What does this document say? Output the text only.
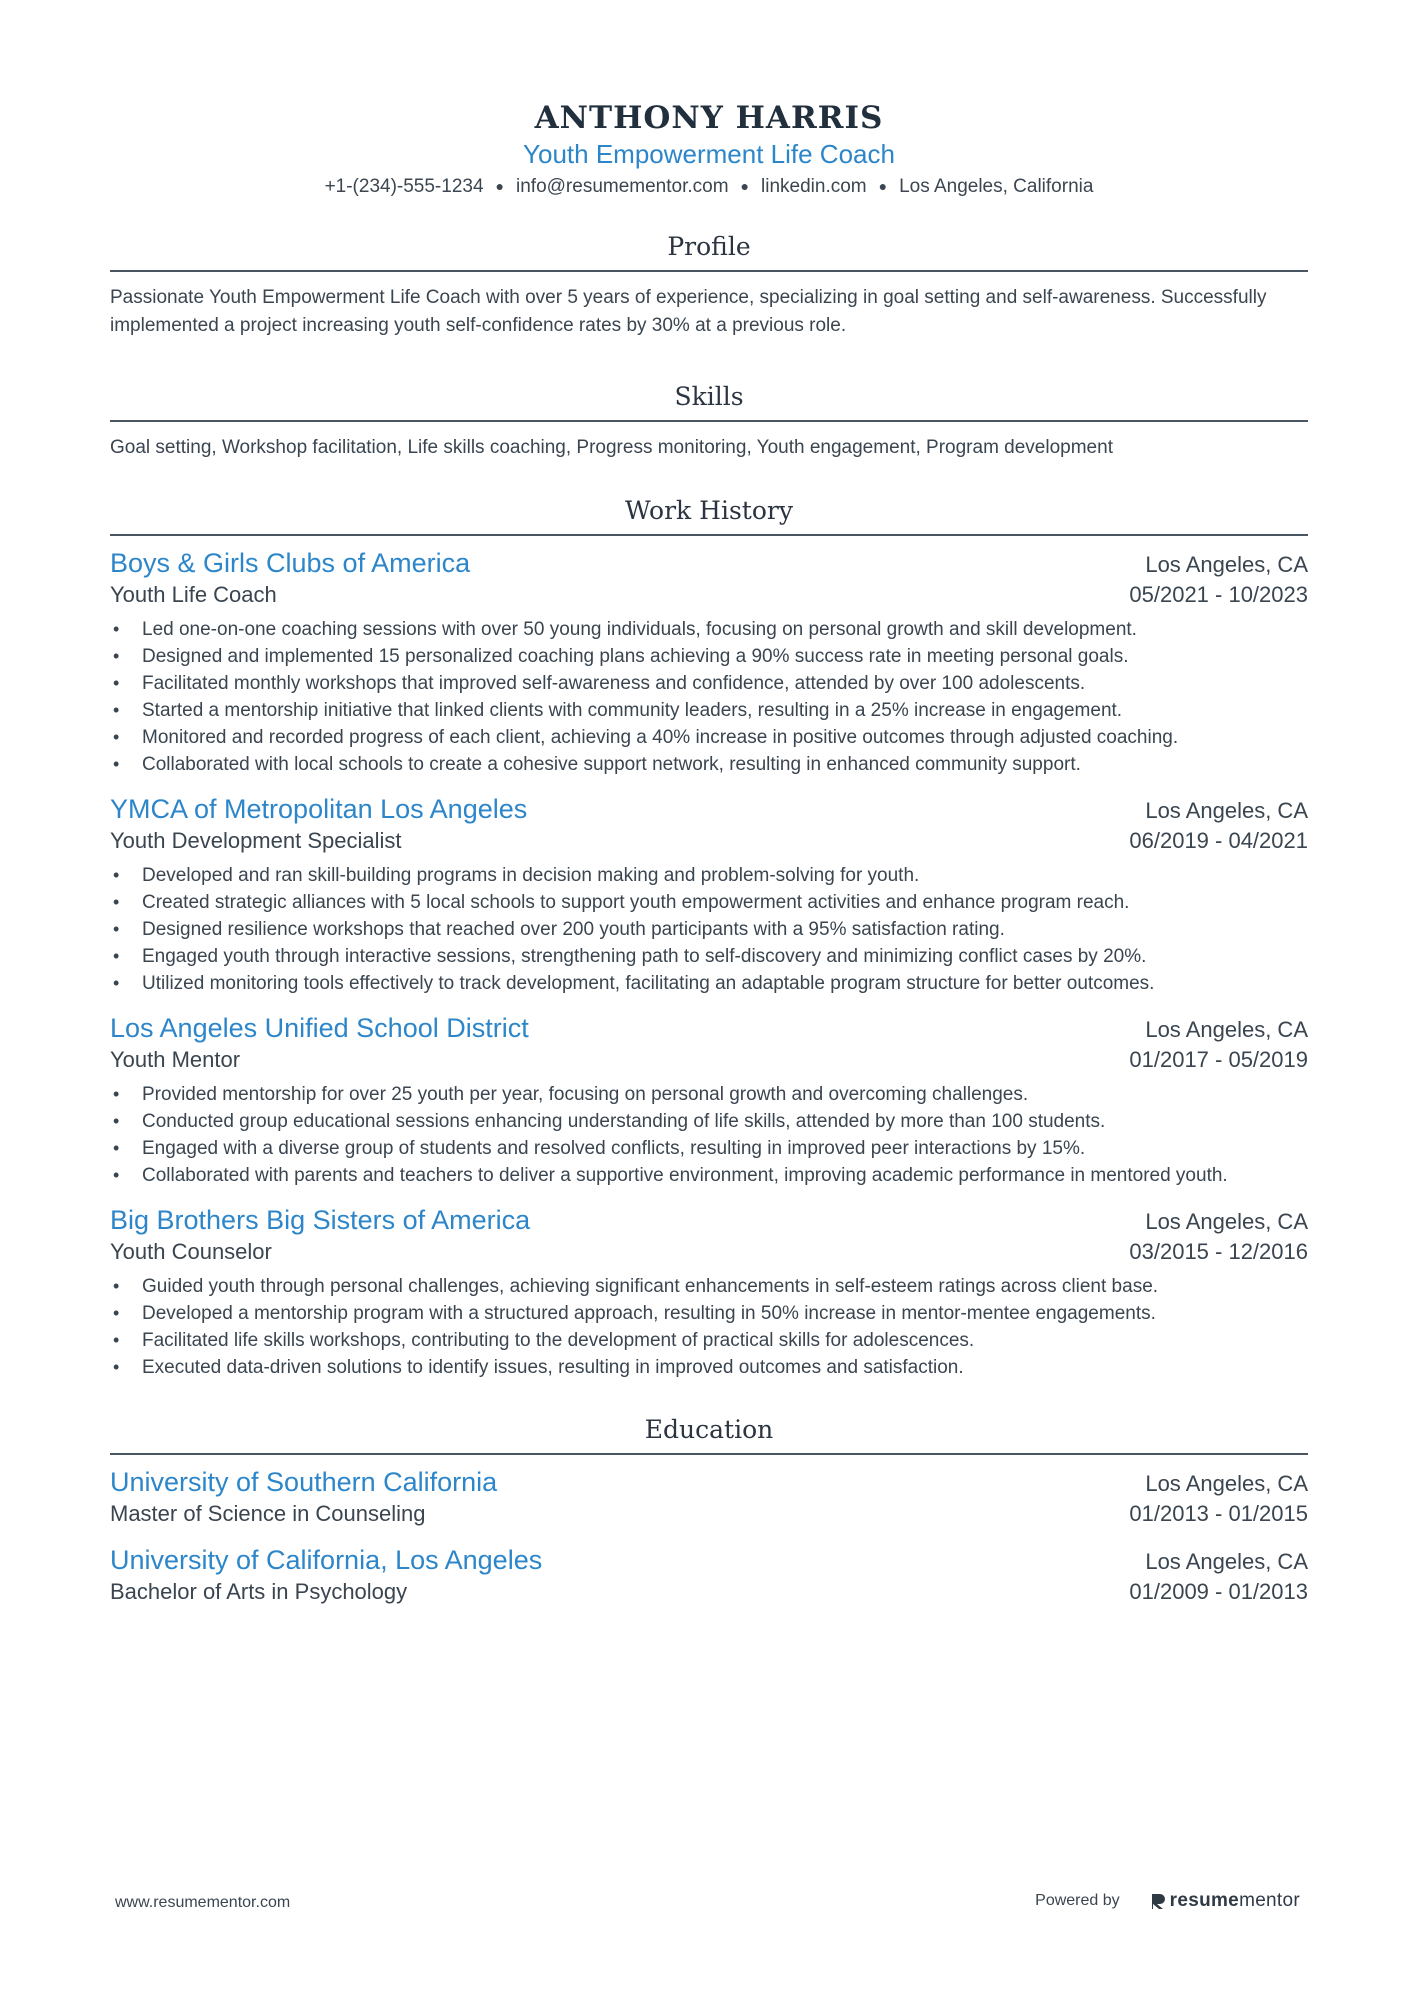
ANTHONY HARRIS
Youth Empowerment Life Coach
+1-(234)-555-1234 ● info@resumementor.com ● linkedin.com ● Los Angeles, California
Profile
Passionate Youth Empowerment Life Coach with over 5 years of experience, specializing in goal setting and self-awareness. Successfully implemented a project increasing youth self-confidence rates by 30% at a previous role.
Skills
Goal setting, Workshop facilitation, Life skills coaching, Progress monitoring, Youth engagement, Program development
Work History
Boys & Girls Clubs of America	Los Angeles, CA
Youth Life Coach	05/2021 - 10/2023
• Led one-on-one coaching sessions with over 50 young individuals, focusing on personal growth and skill development.
• Designed and implemented 15 personalized coaching plans achieving a 90% success rate in meeting personal goals.
• Facilitated monthly workshops that improved self-awareness and confidence, attended by over 100 adolescents.
• Started a mentorship initiative that linked clients with community leaders, resulting in a 25% increase in engagement.
• Monitored and recorded progress of each client, achieving a 40% increase in positive outcomes through adjusted coaching.
• Collaborated with local schools to create a cohesive support network, resulting in enhanced community support.
YMCA of Metropolitan Los Angeles	Los Angeles, CA
Youth Development Specialist	06/2019 - 04/2021
• Developed and ran skill-building programs in decision making and problem-solving for youth.
• Created strategic alliances with 5 local schools to support youth empowerment activities and enhance program reach.
• Designed resilience workshops that reached over 200 youth participants with a 95% satisfaction rating.
• Engaged youth through interactive sessions, strengthening path to self-discovery and minimizing conflict cases by 20%.
• Utilized monitoring tools effectively to track development, facilitating an adaptable program structure for better outcomes.
Los Angeles Unified School District	Los Angeles, CA
Youth Mentor	01/2017 - 05/2019
• Provided mentorship for over 25 youth per year, focusing on personal growth and overcoming challenges.
• Conducted group educational sessions enhancing understanding of life skills, attended by more than 100 students.
• Engaged with a diverse group of students and resolved conflicts, resulting in improved peer interactions by 15%.
• Collaborated with parents and teachers to deliver a supportive environment, improving academic performance in mentored youth.
Big Brothers Big Sisters of America	Los Angeles, CA
Youth Counselor	03/2015 - 12/2016
• Guided youth through personal challenges, achieving significant enhancements in self-esteem ratings across client base.
• Developed a mentorship program with a structured approach, resulting in 50% increase in mentor-mentee engagements.
• Facilitated life skills workshops, contributing to the development of practical skills for adolescences.
• Executed data-driven solutions to identify issues, resulting in improved outcomes and satisfaction.
Education
University of Southern California	Los Angeles, CA
Master of Science in Counseling	01/2013 - 01/2015
University of California, Los Angeles	Los Angeles, CA
Bachelor of Arts in Psychology	01/2009 - 01/2013
www.resumementor.com	Powered by	resume mentor
